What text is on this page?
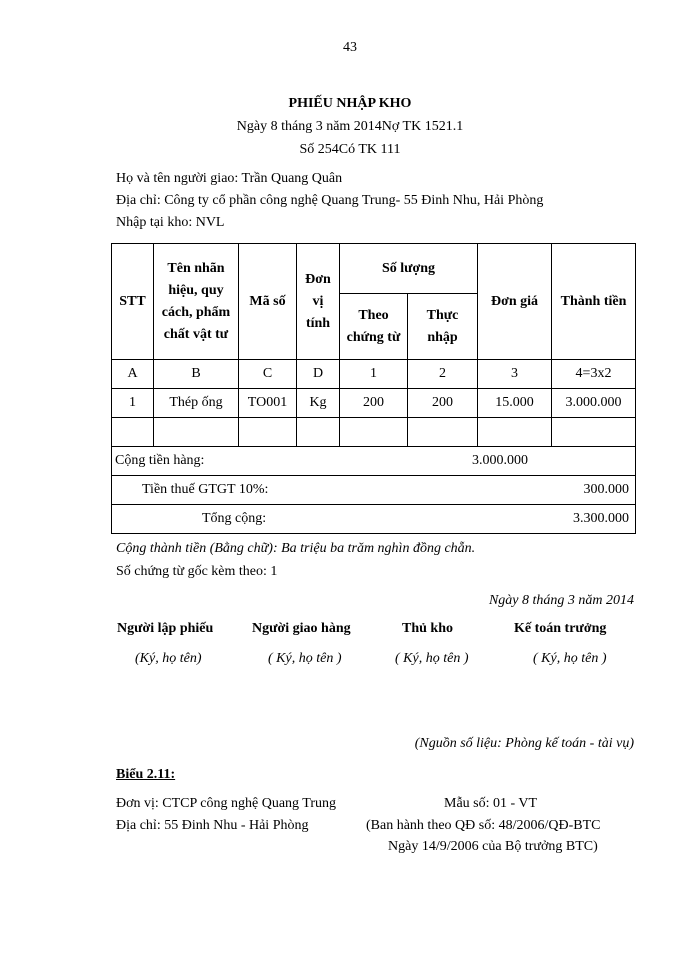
43
PHIẾU NHẬP KHO
Ngày 8 tháng 3 năm 2014Nợ TK 1521.1
Số 254Có TK 111
Họ và tên người giao: Trần Quang Quân
Địa chỉ: Công ty cổ phần công nghệ Quang Trung- 55 Đinh Nhu, Hải Phòng
Nhập tại kho: NVL
STT	Tên nhãn hiệu, quy cách, phẩm chất vật tư	Mã số	Đơn vị tính	Số lượng		Đơn giá	Thành tiền
				Theo chứng từ	Thực nhập		
A	B	C	D	1	2	3	4=3x2
1	Thép ống	TO001	Kg	200	200	15.000	3.000.000

Cộng tiền hàng: 3.000.000							

Tiền thuế GTGT 10%: 300.000							

Tổng cộng: 3.300.000							
Cộng thành tiền (Bằng chữ): Ba triệu ba trăm nghìn đồng chẵn.
Số chứng từ gốc kèm theo: 1
Ngày 8 tháng 3 năm 2014
Người lập phiếu	Người giao hàng	Thủ kho	Kế toán trưởng
(Ký, họ tên)	( Ký, họ tên )	( Ký, họ tên )	( Ký, họ tên )
(Nguồn số liệu: Phòng kế toán - tài vụ)
Biểu 2.11:
Đơn vị: CTCP công nghệ Quang Trung	Mẫu số: 01 - VT
Địa chỉ: 55 Đinh Nhu - Hải Phòng	(Ban hành theo QĐ số: 48/2006/QĐ-BTC
Ngày 14/9/2006 của Bộ trưởng BTC)
